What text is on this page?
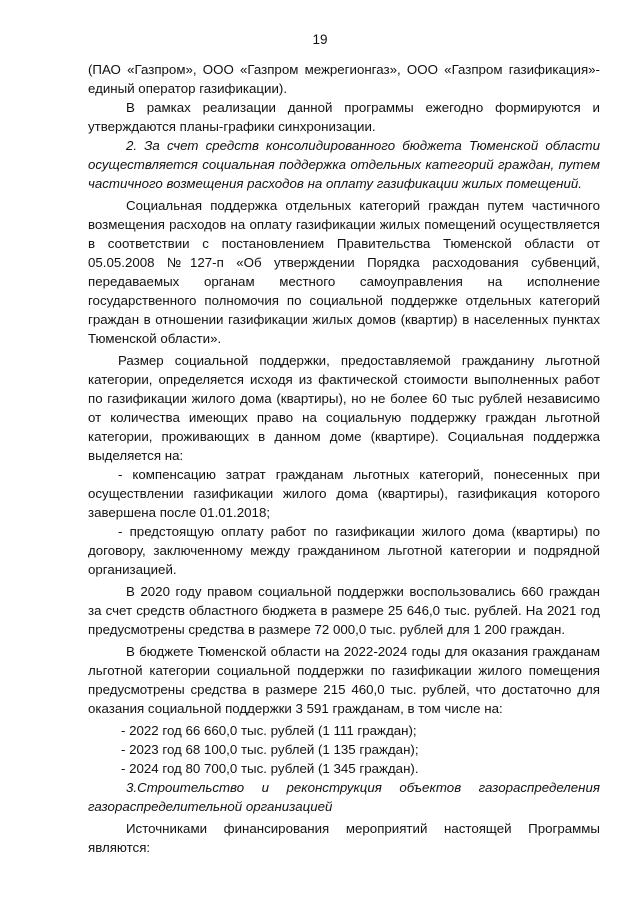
19

(ПАО «Газпром», ООО «Газпром межрегионгаз», ООО «Газпром газификация»-единый оператор газификации).

В рамках реализации данной программы ежегодно формируются и утверждаются планы-графики синхронизации.

2. За счет средств консолидированного бюджета Тюменской области осуществляется социальная поддержка отдельных категорий граждан, путем частичного возмещения расходов на оплату газификации жилых помещений.

Социальная поддержка отдельных категорий граждан путем частичного возмещения расходов на оплату газификации жилых помещений осуществляется в соответствии с постановлением Правительства Тюменской области от 05.05.2008 №127-п «Об утверждении Порядка расходования субвенций, передаваемых органам местного самоуправления на исполнение государственного полномочия по социальной поддержке отдельных категорий граждан в отношении газификации жилых домов (квартир) в населенных пунктах Тюменской области».

Размер социальной поддержки, предоставляемой гражданину льготной категории, определяется исходя из фактической стоимости выполненных работ по газификации жилого дома (квартиры), но не более 60 тыс рублей независимо от количества имеющих право на социальную поддержку граждан льготной категории, проживающих в данном доме (квартире). Социальная поддержка выделяется на:

- компенсацию затрат гражданам льготных категорий, понесенных при осуществлении газификации жилого дома (квартиры), газификация которого завершена после 01.01.2018;

- предстоящую оплату работ по газификации жилого дома (квартиры) по договору, заключенному между гражданином льготной категории и подрядной организацией.

В 2020 году правом социальной поддержки воспользовались 660 граждан за счет средств областного бюджета в размере 25 646,0 тыс. рублей. На 2021 год предусмотрены средства в размере 72 000,0 тыс. рублей для 1 200 граждан.

В бюджете Тюменской области на 2022-2024 годы для оказания гражданам льготной категории социальной поддержки по газификации жилого помещения предусмотрены средства в размере 215 460,0 тыс. рублей, что достаточно для оказания социальной поддержки 3 591 гражданам, в том числе на:

- 2022 год 66 660,0 тыс. рублей (1 111 граждан);

- 2023 год 68 100,0 тыс. рублей (1 135 граждан);

- 2024 год 80 700,0 тыс. рублей (1 345 граждан).

3.Строительство и реконструкция объектов газораспределения газораспределительной организацией

Источниками финансирования мероприятий настоящей Программы являются:
